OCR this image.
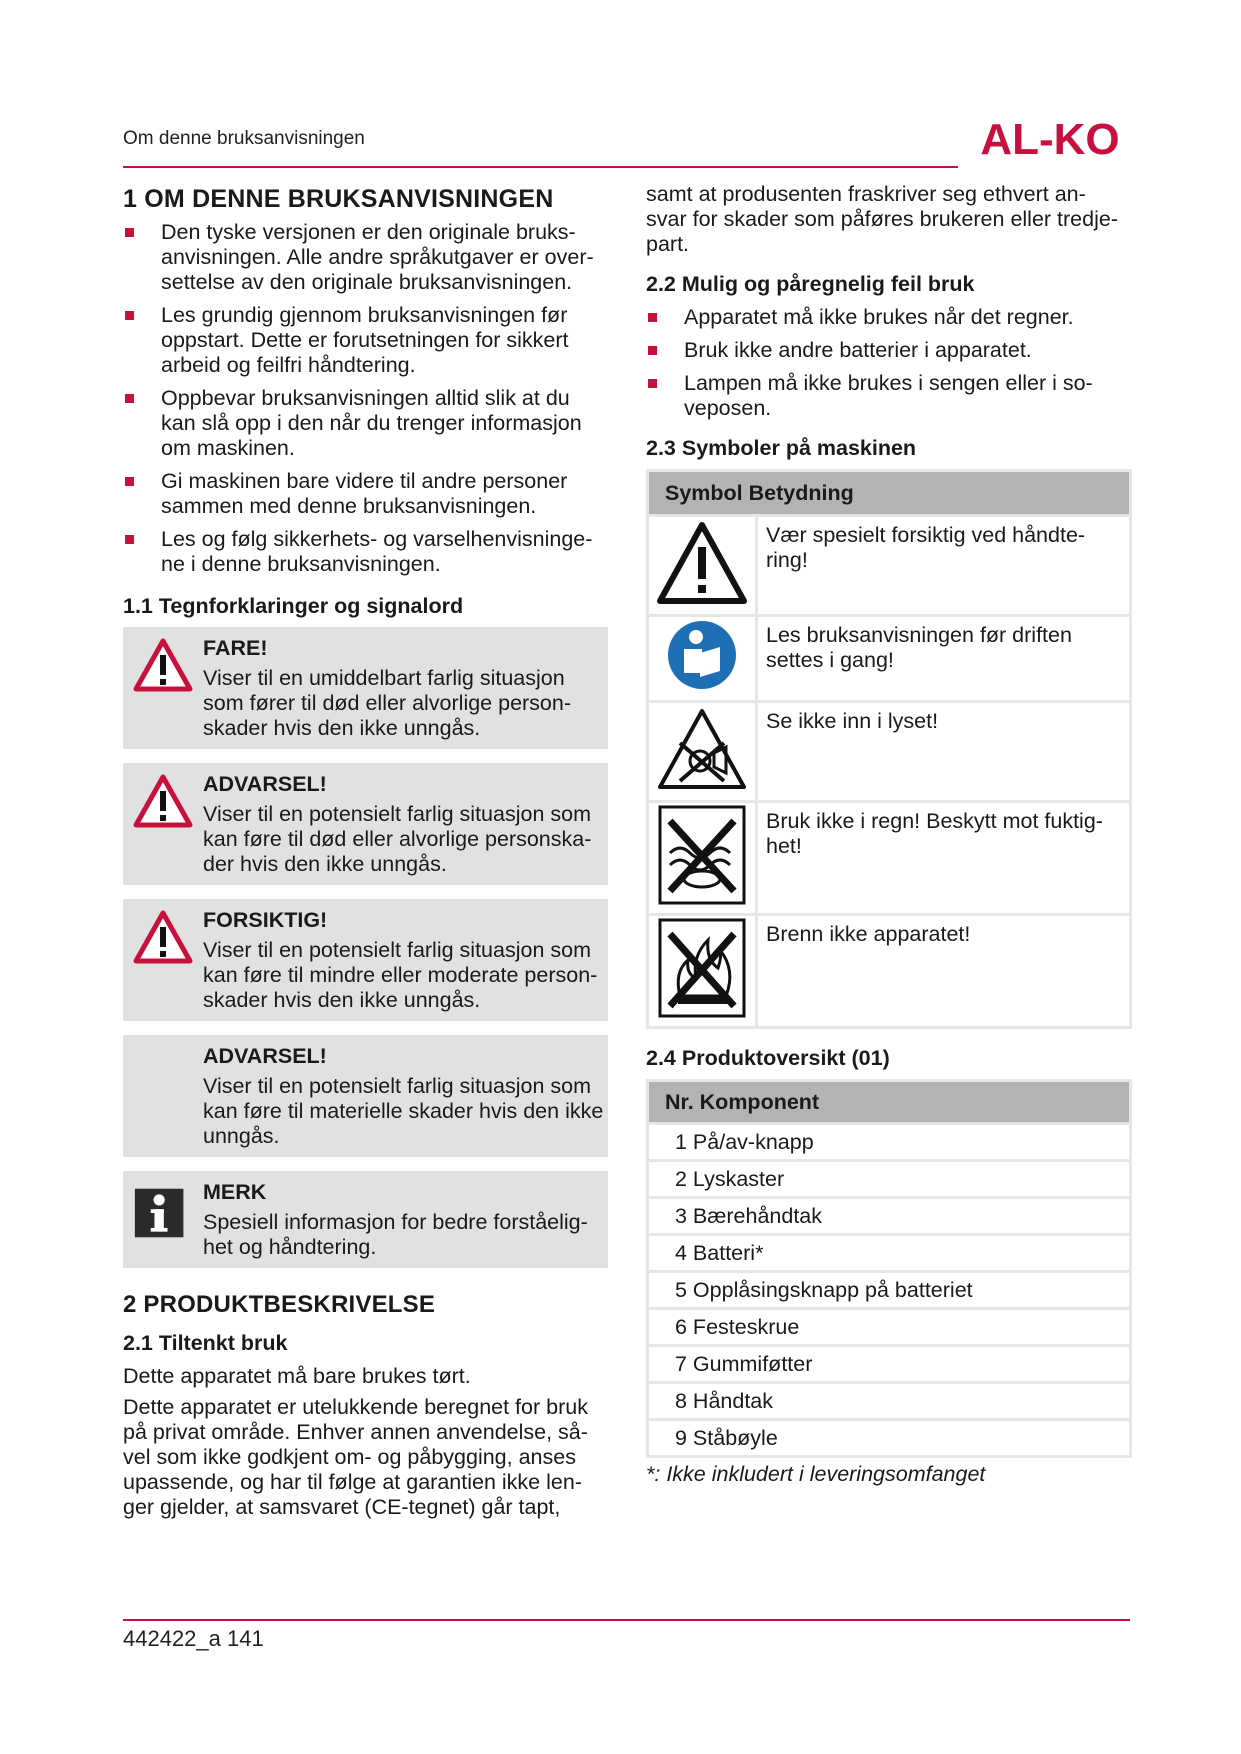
Om denne bruksanvisningen	AL-KO
1 OM DENNE BRUKSANVISNINGEN
Den tyske versjonen er den originale bruks- anvisningen. Alle andre språkutgaver er over- settelse av den originale bruksanvisningen.
Les grundig gjennom bruksanvisningen før oppstart. Dette er forutsetningen for sikkert arbeid og feilfri håndtering.
Oppbevar bruksanvisningen alltid slik at du kan slå opp i den når du trenger informasjon om maskinen.
Gi maskinen bare videre til andre personer sammen med denne bruksanvisningen.
Les og følg sikkerhets- og varselhenvisninge- ne i denne bruksanvisningen.
1.1 Tegnforklaringer og signalord
FARE!
Viser til en umiddelbart farlig situasjon som fører til død eller alvorlige person- skader hvis den ikke unngås.
ADVARSEL!
Viser til en potensielt farlig situasjon som kan føre til død eller alvorlige personska- der hvis den ikke unngås.
FORSIKTIG!
Viser til en potensielt farlig situasjon som kan føre til mindre eller moderate person- skader hvis den ikke unngås.
ADVARSEL!
Viser til en potensielt farlig situasjon som kan føre til materielle skader hvis den ikke unngås.
MERK
Spesiell informasjon for bedre forståelig- het og håndtering.
2 PRODUKTBESKRIVELSE
2.1 Tiltenkt bruk

Dette apparatet må bare brukes tørt.

Dette apparatet er utelukkende beregnet for bruk på privat område. Enhver annen anvendelse, så- vel som ikke godkjent om- og påbygging, anses upassende, og har til følge at garantien ikke len- ger gjelder, at samsvaret (CE-tegnet) går tapt,

samt at produsenten fraskriver seg ethvert an- svar for skader som påføres brukeren eller tredje- part.

2.2 Mulig og påregnelig feil bruk
Apparatet må ikke brukes når det regner.
Bruk ikke andre batterier i apparatet.
Lampen må ikke brukes i sengen eller i so- veposen.
2.3 Symboler på maskinen
Symbol Betydning	
	Vær spesielt forsiktig ved håndte- ring!
	Les bruksanvisningen før driften settes i gang!
	Se ikke inn i lyset!
	Bruk ikke i regn! Beskytt mot fuktig- het!
	Brenn ikke apparatet!
2.4 Produktoversikt (01)
Nr. Komponent
1 På/av-knapp
2 Lyskaster
3 Bærehåndtak
4 Batteri*
5 Opplåsingsknapp på batteriet
6 Festeskrue
7 Gummiføtter
8 Håndtak
9 Ståbøyle
*: Ikke inkludert i leveringsomfanget
442422_a 141
